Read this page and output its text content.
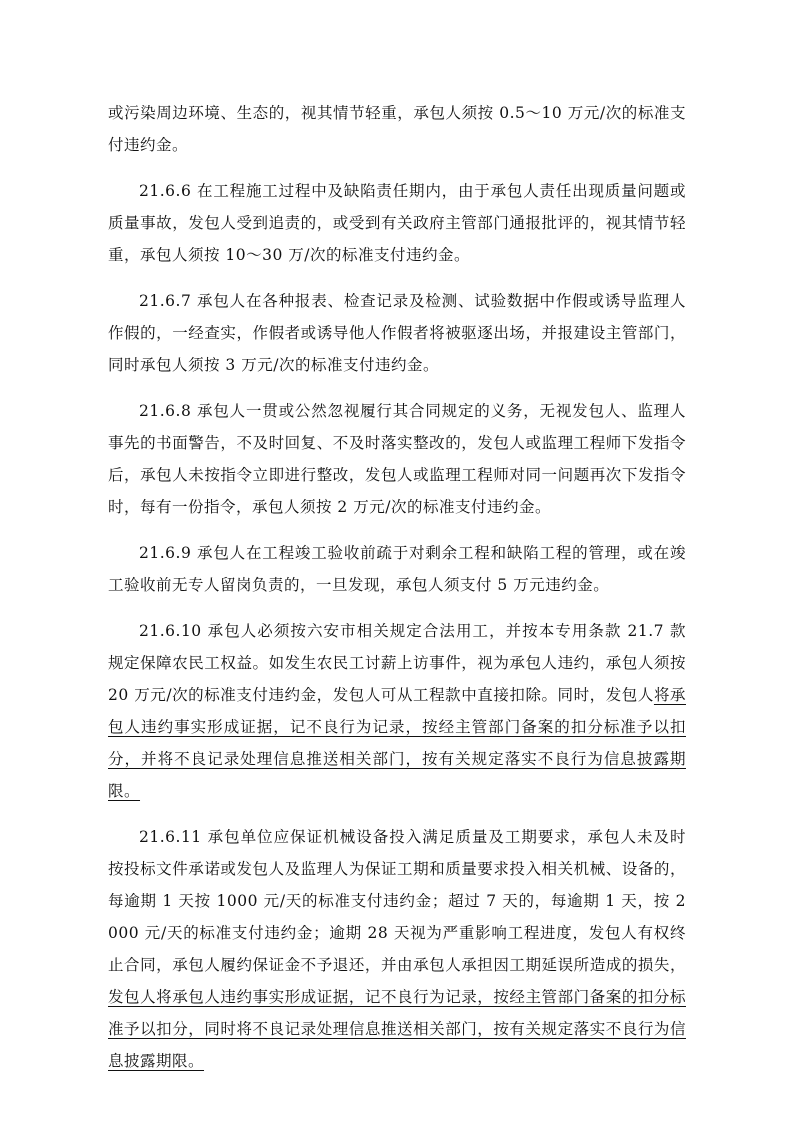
或污染周边环境、生态的，视其情节轻重，承包人须按 0.5～10 万元/次的标准支付违约金。

21.6.6 在工程施工过程中及缺陷责任期内，由于承包人责任出现质量问题或质量事故，发包人受到追责的，或受到有关政府主管部门通报批评的，视其情节轻重，承包人须按 10～30 万/次的标准支付违约金。

21.6.7 承包人在各种报表、检查记录及检测、试验数据中作假或诱导监理人作假的，一经查实，作假者或诱导他人作假者将被驱逐出场，并报建设主管部门，同时承包人须按 3 万元/次的标准支付违约金。

21.6.8 承包人一贯或公然忽视履行其合同规定的义务，无视发包人、监理人事先的书面警告，不及时回复、不及时落实整改的，发包人或监理工程师下发指令后，承包人未按指令立即进行整改，发包人或监理工程师对同一问题再次下发指令时，每有一份指令，承包人须按 2 万元/次的标准支付违约金。

21.6.9 承包人在工程竣工验收前疏于对剩余工程和缺陷工程的管理，或在竣工验收前无专人留岗负责的，一旦发现，承包人须支付 5 万元违约金。

21.6.10 承包人必须按六安市相关规定合法用工，并按本专用条款 21.7 款规定保障农民工权益。如发生农民工讨薪上访事件，视为承包人违约，承包人须按 20 万元/次的标准支付违约金，发包人可从工程款中直接扣除。同时，发包人将承包人违约事实形成证据，记不良行为记录，按经主管部门备案的扣分标准予以扣分，并将不良记录处理信息推送相关部门，按有关规定落实不良行为信息披露期限。

21.6.11 承包单位应保证机械设备投入满足质量及工期要求，承包人未及时按投标文件承诺或发包人及监理人为保证工期和质量要求投入相关机械、设备的，每逾期 1 天按 1000 元/天的标准支付违约金；超过 7 天的，每逾期 1 天，按 2000 元/天的标准支付违约金；逾期 28 天视为严重影响工程进度，发包人有权终止合同，承包人履约保证金不予退还，并由承包人承担因工期延误所造成的损失，发包人将承包人违约事实形成证据，记不良行为记录，按经主管部门备案的扣分标准予以扣分，同时将不良记录处理信息推送相关部门，按有关规定落实不良行为信息披露期限。
